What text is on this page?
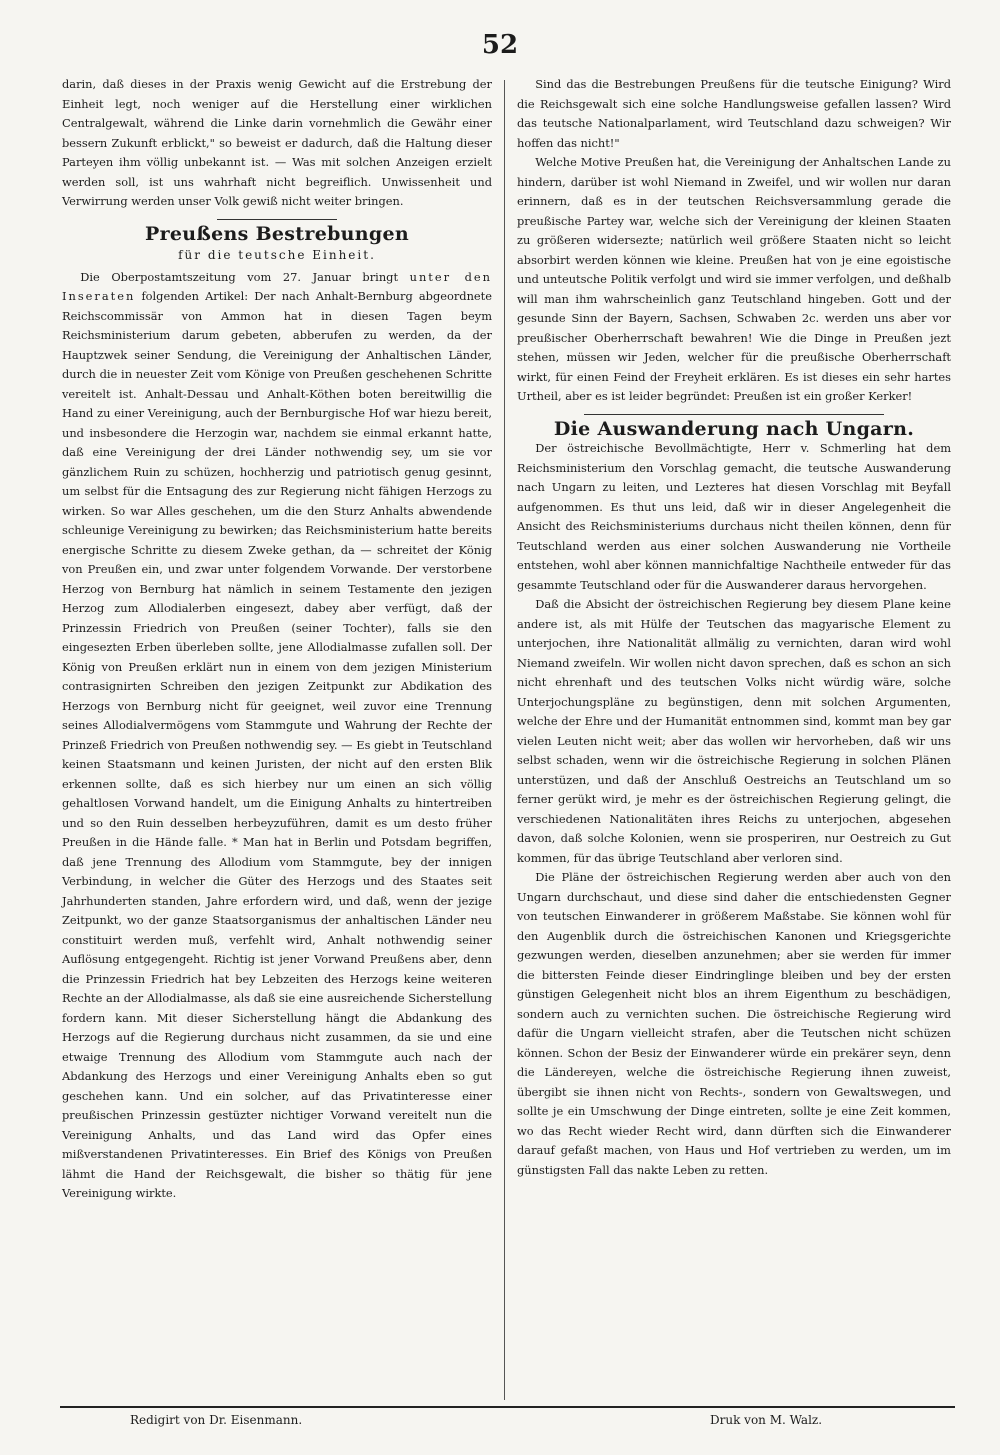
52

darin, daß dieses in der Praxis wenig Gewicht auf die Erstrebung der Einheit legt, noch weniger auf die Herstellung einer wirklichen Centralgewalt, während die Linke darin vornehmlich die Gewähr einer bessern Zukunft erblickt," so beweist er dadurch, daß die Haltung dieser Parteyen ihm völlig unbekannt ist. — Was mit solchen Anzeigen erzielt werden soll, ist uns wahrhaft nicht begreiflich. Unwissenheit und Verwirrung werden unser Volk gewiß nicht weiter bringen.

Preußens Bestrebungen
für die teutsche Einheit.

Die Oberpostamtszeitung vom 27. Januar bringt unter den Inseraten folgenden Artikel: Der nach Anhalt-Bernburg abgeordnete Reichscommissär von Ammon hat in diesen Tagen beym Reichsministerium darum gebeten, abberufen zu werden, da der Hauptzwek seiner Sendung, die Vereinigung der Anhaltischen Länder, durch die in neuester Zeit vom Könige von Preußen geschehenen Schritte vereitelt ist. Anhalt-Dessau und Anhalt-Köthen boten bereitwillig die Hand zu einer Vereinigung, auch der Bernburgische Hof war hiezu bereit, und insbesondere die Herzogin war, nachdem sie einmal erkannt hatte, daß eine Vereinigung der drei Länder nothwendig sey, um sie vor gänzlichem Ruin zu schüzen, hochherzig und patriotisch genug gesinnt, um selbst für die Entsagung des zur Regierung nicht fähigen Herzogs zu wirken. So war Alles geschehen, um die den Sturz Anhalts abwendende schleunige Vereinigung zu bewirken; das Reichsministerium hatte bereits energische Schritte zu diesem Zweke gethan, da — schreitet der König von Preußen ein, und zwar unter folgendem Vorwande. Der verstorbene Herzog von Bernburg hat nämlich in seinem Testamente den jezigen Herzog zum Allodialerben eingesezt, dabey aber verfügt, daß der Prinzessin Friedrich von Preußen (seiner Tochter), falls sie den eingesezten Erben überleben sollte, jene Allodialmasse zufallen soll. Der König von Preußen erklärt nun in einem von dem jezigen Ministerium contrasignirten Schreiben den jezigen Zeitpunkt zur Abdikation des Herzogs von Bernburg nicht für geeignet, weil zuvor eine Trennung seines Allodialvermögens vom Stammgute und Wahrung der Rechte der Prinzeß Friedrich von Preußen nothwendig sey. — Es giebt in Teutschland keinen Staatsmann und keinen Juristen, der nicht auf den ersten Blik erkennen sollte, daß es sich hierbey nur um einen an sich völlig gehaltlosen Vorwand handelt, um die Einigung Anhalts zu hintertreiben und so den Ruin desselben herbeyzuführen, damit es um desto früher Preußen in die Hände falle. * Man hat in Berlin und Potsdam begriffen, daß jene Trennung des Allodium vom Stammgute, bey der innigen Verbindung, in welcher die Güter des Herzogs und des Staates seit Jahrhunderten standen, Jahre erfordern wird, und daß, wenn der jezige Zeitpunkt, wo der ganze Staatsorganismus der anhaltischen Länder neu constituirt werden muß, verfehlt wird, Anhalt nothwendig seiner Auflösung entgegengeht. Richtig ist jener Vorwand Preußens aber, denn die Prinzessin Friedrich hat bey Lebzeiten des Herzogs keine weiteren Rechte an der Allodialmasse, als daß sie eine ausreichende Sicherstellung fordern kann. Mit dieser Sicherstellung hängt die Abdankung des Herzogs auf die Regierung durchaus nicht zusammen, da sie und eine etwaige Trennung des Allodium vom Stammgute auch nach der Abdankung des Herzogs und einer Vereinigung Anhalts eben so gut geschehen kann. Und ein solcher, auf das Privatinteresse einer preußischen Prinzessin gestüzter nichtiger Vorwand vereitelt nun die Vereinigung Anhalts, und das Land wird das Opfer eines mißverstandenen Privatinteresses. Ein Brief des Königs von Preußen lähmt die Hand der Reichsgewalt, die bisher so thätig für jene Vereinigung wirkte.

Sind das die Bestrebungen Preußens für die teutsche Einigung? Wird die Reichsgewalt sich eine solche Handlungsweise gefallen lassen? Wird das teutsche Nationalparlament, wird Teutschland dazu schweigen? Wir hoffen das nicht!"

Welche Motive Preußen hat, die Vereinigung der Anhaltschen Lande zu hindern, darüber ist wohl Niemand in Zweifel, und wir wollen nur daran erinnern, daß es in der teutschen Reichsversammlung gerade die preußische Partey war, welche sich der Vereinigung der kleinen Staaten zu größeren widersezte; natürlich weil größere Staaten nicht so leicht absorbirt werden können wie kleine. Preußen hat von je eine egoistische und unteutsche Politik verfolgt und wird sie immer verfolgen, und deßhalb will man ihm wahrscheinlich ganz Teutschland hingeben. Gott und der gesunde Sinn der Bayern, Sachsen, Schwaben 2c. werden uns aber vor preußischer Oberherrschaft bewahren! Wie die Dinge in Preußen jezt stehen, müssen wir Jeden, welcher für die preußische Oberherrschaft wirkt, für einen Feind der Freyheit erklären. Es ist dieses ein sehr hartes Urtheil, aber es ist leider begründet: Preußen ist ein großer Kerker!

Die Auswanderung nach Ungarn.

Der östreichische Bevollmächtigte, Herr v. Schmerling hat dem Reichsministerium den Vorschlag gemacht, die teutsche Auswanderung nach Ungarn zu leiten, und Lezteres hat diesen Vorschlag mit Beyfall aufgenommen. Es thut uns leid, daß wir in dieser Angelegenheit die Ansicht des Reichsministeriums durchaus nicht theilen können, denn für Teutschland werden aus einer solchen Auswanderung nie Vortheile entstehen, wohl aber können mannichfaltige Nachtheile entweder für das gesammte Teutschland oder für die Auswanderer daraus hervorgehen.

Daß die Absicht der östreichischen Regierung bey diesem Plane keine andere ist, als mit Hülfe der Teutschen das magyarische Element zu unterjochen, ihre Nationalität allmälig zu vernichten, daran wird wohl Niemand zweifeln. Wir wollen nicht davon sprechen, daß es schon an sich nicht ehrenhaft und des teutschen Volks nicht würdig wäre, solche Unterjochungspläne zu begünstigen, denn mit solchen Argumenten, welche der Ehre und der Humanität entnommen sind, kommt man bey gar vielen Leuten nicht weit; aber das wollen wir hervorheben, daß wir uns selbst schaden, wenn wir die östreichische Regierung in solchen Plänen unterstüzen, und daß der Anschluß Oestreichs an Teutschland um so ferner gerükt wird, je mehr es der östreichischen Regierung gelingt, die verschiedenen Nationalitäten ihres Reichs zu unterjochen, abgesehen davon, daß solche Kolonien, wenn sie prosperiren, nur Oestreich zu Gut kommen, für das übrige Teutschland aber verloren sind.

Die Pläne der östreichischen Regierung werden aber auch von den Ungarn durchschaut, und diese sind daher die entschiedensten Gegner von teutschen Einwanderer in größerem Maßstabe. Sie können wohl für den Augenblik durch die östreichischen Kanonen und Kriegsgerichte gezwungen werden, dieselben anzunehmen; aber sie werden für immer die bittersten Feinde dieser Eindringlinge bleiben und bey der ersten günstigen Gelegenheit nicht blos an ihrem Eigenthum zu beschädigen, sondern auch zu vernichten suchen. Die östreichische Regierung wird dafür die Ungarn vielleicht strafen, aber die Teutschen nicht schüzen können. Schon der Besiz der Einwanderer würde ein prekärer seyn, denn die Ländereyen, welche die östreichische Regierung ihnen zuweist, übergibt sie ihnen nicht von Rechts-, sondern von Gewaltswegen, und sollte je ein Umschwung der Dinge eintreten, sollte je eine Zeit kommen, wo das Recht wieder Recht wird, dann dürften sich die Einwanderer darauf gefaßt machen, von Haus und Hof vertrieben zu werden, um im günstigsten Fall das nakte Leben zu retten.

Redigirt von Dr. Eisenmann.	Druk von M. Walz.
